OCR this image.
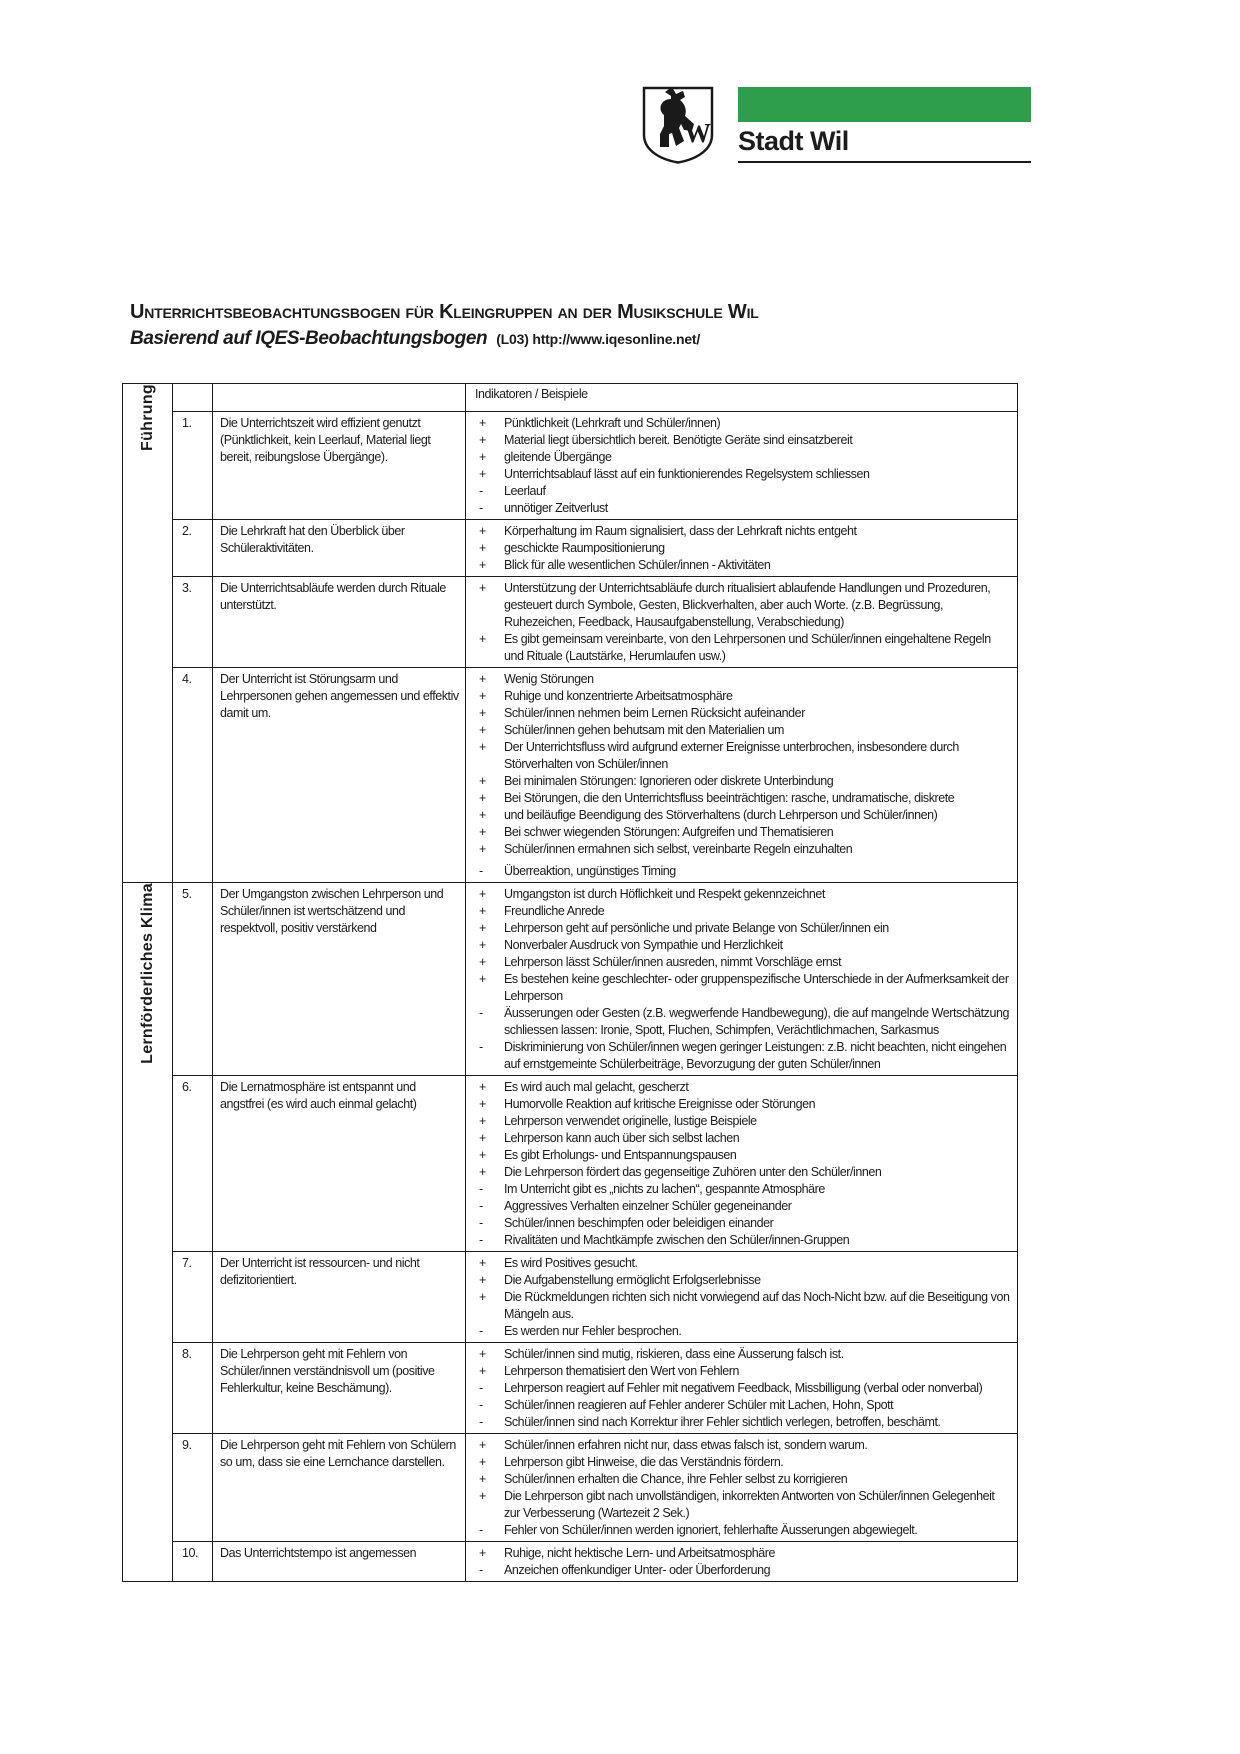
W Stadt Wil
Unterrichtsbeobachtungsbogen für Kleingruppen an der Musikschule Wil
Basierend auf IQES-Beobachtungsbogen (L03) http://www.iqesonline.net/
Führung			Indikatoren / Beispiele
1.	Die Unterrichtszeit wird effizient genutzt (Pünktlichkeit, kein Leerlauf, Material liegt bereit, reibungslose Übergänge).	
+	Pünktlichkeit (Lehrkraft und Schüler/innen)
+	Material liegt übersichtlich bereit. Benötigte Geräte sind einsatzbereit
+	gleitende Übergänge
+	Unterrichtsablauf lässt auf ein funktionierendes Regelsystem schliessen
-	Leerlauf
-	unnötiger Zeitverlust

2.	Die Lehrkraft hat den Überblick über Schüleraktivitäten.	
+	Körperhaltung im Raum signalisiert, dass der Lehrkraft nichts entgeht
+	geschickte Raumpositionierung
+	Blick für alle wesentlichen Schüler/innen - Aktivitäten

	3.	Die Unterrichtsabläufe werden durch Rituale unterstützt.	+ Unterstützung der Unterrichtsabläufe durch ritualisiert ablaufende Handlungen und Prozeduren, gesteuert durch Symbole, Gesten, Blickverhalten, aber auch Worte. (z.B. Begrüssung, Ruhezeichen, Feedback, Hausaufgabenstellung, Verabschiedung)
+ Es gibt gemeinsam vereinbarte, von den Lehrpersonen und Schüler/innen eingehaltene Regeln und Rituale (Lautstärke, Herumlaufen usw.)

4.	Der Unterricht ist Störungsarm und Lehrpersonen gehen angemessen und effektiv damit um.	
+	Wenig Störungen
+	Ruhige und konzentrierte Arbeitsatmosphäre
+	Schüler/innen nehmen beim Lernen Rücksicht aufeinander
+	Schüler/innen gehen behutsam mit den Materialien um
+	Der Unterrichtsfluss wird aufgrund externer Ereignisse unterbrochen, insbesondere durch Störverhalten von Schüler/innen
+	Bei minimalen Störungen: Ignorieren oder diskrete Unterbindung
+	Bei Störungen, die den Unterrichtsfluss beeinträchtigen: rasche, undramatische, diskrete
+	und beiläufige Beendigung des Störverhaltens (durch Lehrperson und Schüler/innen)
+	Bei schwer wiegenden Störungen: Aufgreifen und Thematisieren
+	Schüler/innen ermahnen sich selbst, vereinbarte Regeln einzuhalten
-	Überreaktion, ungünstiges Timing
Lernförderliches Klima	5.	Der Umgangston zwischen Lehrperson und Schüler/innen ist wertschätzend und respektvoll, positiv verstärkend	
+	Umgangston ist durch Höflichkeit und Respekt gekennzeichnet
+	Freundliche Anrede
+	Lehrperson geht auf persönliche und private Belange von Schüler/innen ein
+	Nonverbaler Ausdruck von Sympathie und Herzlichkeit
+	Lehrperson lässt Schüler/innen ausreden, nimmt Vorschläge ernst
+	Es bestehen keine geschlechter- oder gruppenspezifische Unterschiede in der Aufmerksamkeit der Lehrperson
-	Äusserungen oder Gesten (z.B. wegwerfende Handbewegung), die auf mangelnde Wertschätzung schliessen lassen: Ironie, Spott, Fluchen, Schimpfen, Verächtlichmachen, Sarkasmus
-	Diskriminierung von Schüler/innen wegen geringer Leistungen: z.B. nicht beachten, nicht eingehen auf ernstgemeinte Schülerbeiträge, Bevorzugung der guten Schüler/innen

6.	Die Lernatmosphäre ist entspannt und angstfrei (es wird auch einmal gelacht)	
+	Es wird auch mal gelacht, gescherzt
+	Humorvolle Reaktion auf kritische Ereignisse oder Störungen
+	Lehrperson verwendet originelle, lustige Beispiele
+	Lehrperson kann auch über sich selbst lachen
+	Es gibt Erholungs- und Entspannungspausen
+	Die Lehrperson fördert das gegenseitige Zuhören unter den Schüler/innen
-	Im Unterricht gibt es „nichts zu lachen“, gespannte Atmosphäre
-	Aggressives Verhalten einzelner Schüler gegeneinander
-	Schüler/innen beschimpfen oder beleidigen einander
-	Rivalitäten und Machtkämpfe zwischen den Schüler/innen-Gruppen

7.	Der Unterricht ist ressourcen- und nicht defizitorientiert.	
+	Es wird Positives gesucht.
+	Die Aufgabenstellung ermöglicht Erfolgserlebnisse
+	Die Rückmeldungen richten sich nicht vorwiegend auf das Noch-Nicht bzw. auf die Beseitigung von Mängeln aus.
-	Es werden nur Fehler besprochen.

8.	Die Lehrperson geht mit Fehlern von Schüler/innen verständnisvoll um (positive Fehlerkultur, keine Beschämung).	
+	Schüler/innen sind mutig, riskieren, dass eine Äusserung falsch ist.
+	Lehrperson thematisiert den Wert von Fehlern
-	Lehrperson reagiert auf Fehler mit negativem Feedback, Missbilligung (verbal oder nonverbal)
-	Schüler/innen reagieren auf Fehler anderer Schüler mit Lachen, Hohn, Spott
-	Schüler/innen sind nach Korrektur ihrer Fehler sichtlich verlegen, betroffen, beschämt.

9.	Die Lehrperson geht mit Fehlern von Schülern so um, dass sie eine Lernchance darstellen.	
+	Schüler/innen erfahren nicht nur, dass etwas falsch ist, sondern warum.
+	Lehrperson gibt Hinweise, die das Verständnis fördern.
+	Schüler/innen erhalten die Chance, ihre Fehler selbst zu korrigieren
+	Die Lehrperson gibt nach unvollständigen, inkorrekten Antworten von Schüler/innen Gelegenheit zur Verbesserung (Wartezeit 2 Sek.)
-	Fehler von Schüler/innen werden ignoriert, fehlerhafte Äusserungen abgewiegelt.

	10.	Das Unterrichtstempo ist angemessen	+ Ruhige, nicht hektische Lern- und Arbeitsatmosphäre
- Anzeichen offenkundiger Unter- oder Überforderung
